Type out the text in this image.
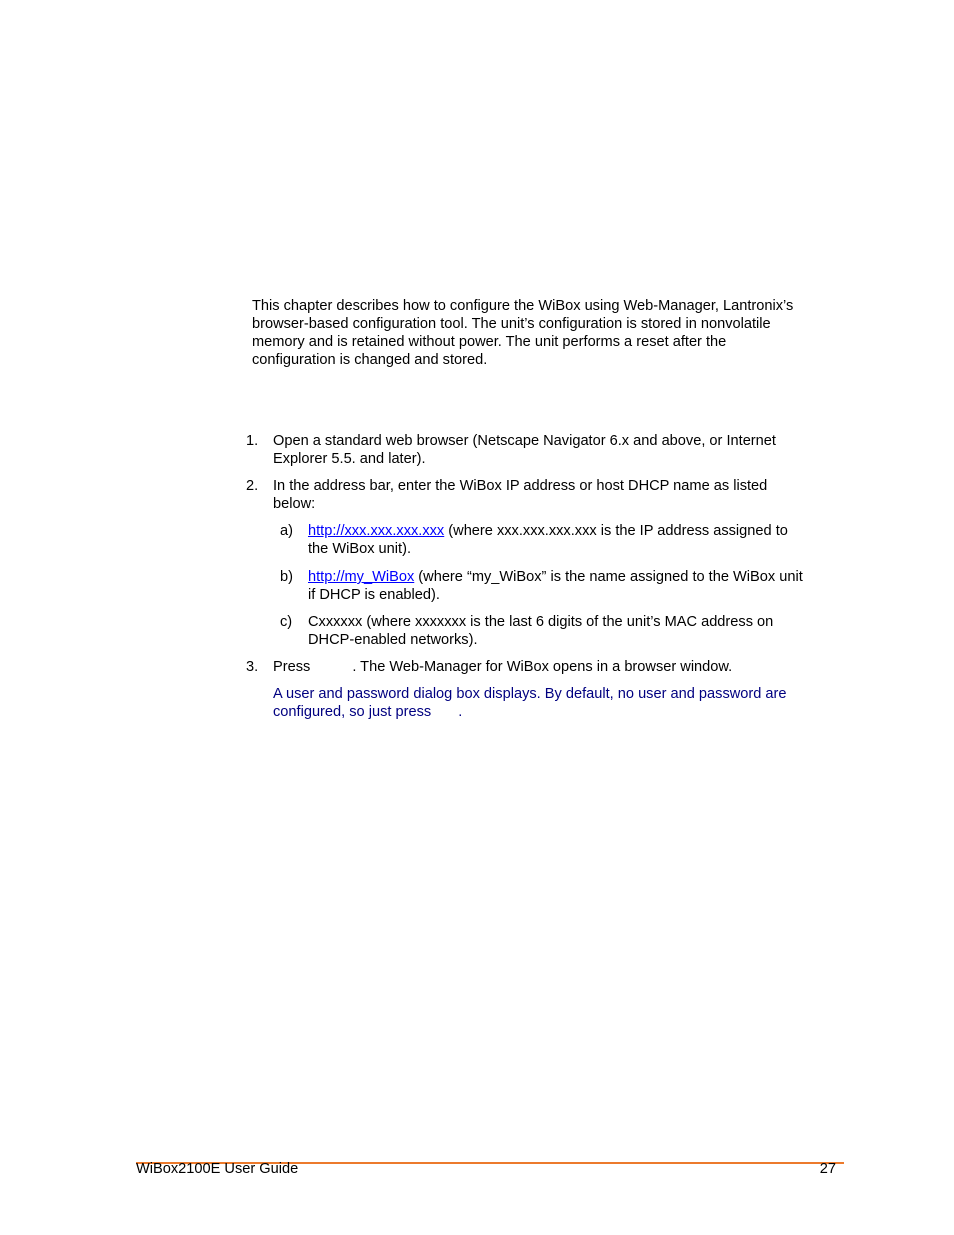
This chapter describes how to configure the WiBox using Web-Manager, Lantronix’s
browser-based configuration tool. The unit’s configuration is stored in nonvolatile
memory and is retained without power. The unit performs a reset after the
configuration is changed and stored.
1.	Open a standard web browser (Netscape Navigator 6.x and above, or Internet
Explorer 5.5. and later).
2.	In the address bar, enter the WiBox IP address or host DHCP name as listed
below:
a)	http://xxx.xxx.xxx.xxx (where xxx.xxx.xxx.xxx is the IP address assigned to
the WiBox unit).
b)	http://my_WiBox (where “my_WiBox” is the name assigned to the WiBox unit
if DHCP is enabled).
c)	Cxxxxxx (where xxxxxxx is the last 6 digits of the unit’s MAC address on
DHCP-enabled networks).
3.	Press	. The Web-Manager for WiBox opens in a browser window.
A user and password dialog box displays. By default, no user and password are
configured, so just press .
WiBox2100E User Guide	27
